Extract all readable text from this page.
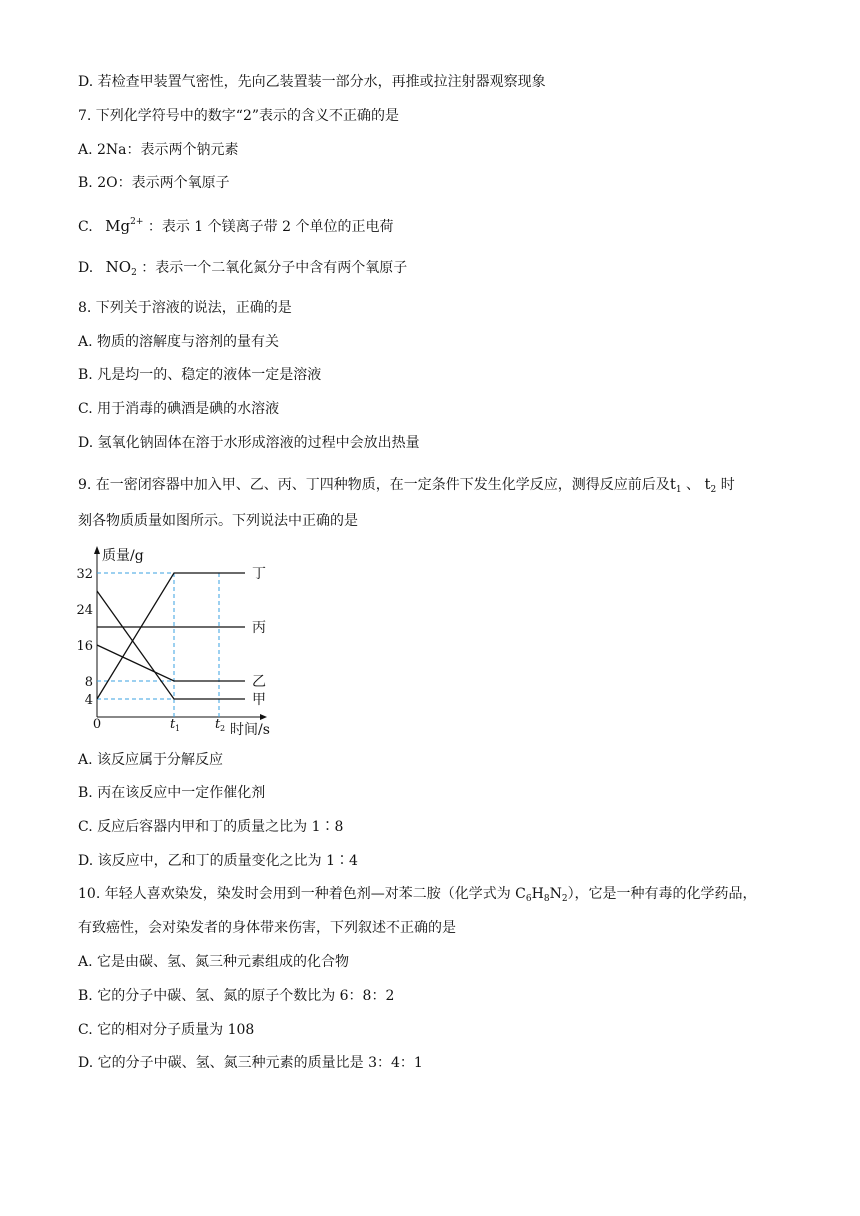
D. 若检查甲装置气密性，先向乙装置装一部分水，再推或拉注射器观察现象
7. 下列化学符号中的数字“2”表示的含义不正确的是
A. 2Na：表示两个钠元素
B. 2O：表示两个氧原子
C. $Mg^{2+}$ ：表示 1 个镁离子带 2 个单位的正电荷
D. $NO_2$ ：表示一个二氧化氮分子中含有两个氧原子
8. 下列关于溶液的说法，正确的是
A. 物质的溶解度与溶剂的量有关
B. 凡是均一的、稳定的液体一定是溶液
C. 用于消毒的碘酒是碘的水溶液
D. 氢氧化钠固体在溶于水形成溶液的过程中会放出热量
9. 在一密闭容器中加入甲、乙、丙、丁四种物质，在一定条件下发生化学反应，测得反应前后及$t_1$ 、 $t_2$ 时
刻各物质质量如图所示。下列说法中正确的是
质量/g
时间/s
4
8
16
24
32
0	t 1	t 2
丁
丙
乙
甲
A. 该反应属于分解反应
B. 丙在该反应中一定作催化剂
C. 反应后容器内甲和丁的质量之比为 1∶8
D. 该反应中，乙和丁的质量变化之比为 1∶4
10. 年轻人喜欢染发，染发时会用到一种着色剂—对苯二胺（化学式为 $C_6H_8N_2$），它是一种有毒的化学药品，
有致癌性，会对染发者的身体带来伤害，下列叙述不正确的是
A. 它是由碳、氢、氮三种元素组成的化合物
B. 它的分子中碳、氢、氮的原子个数比为 6：8：2
C. 它的相对分子质量为 108
D. 它的分子中碳、氢、氮三种元素的质量比是 3：4：1
